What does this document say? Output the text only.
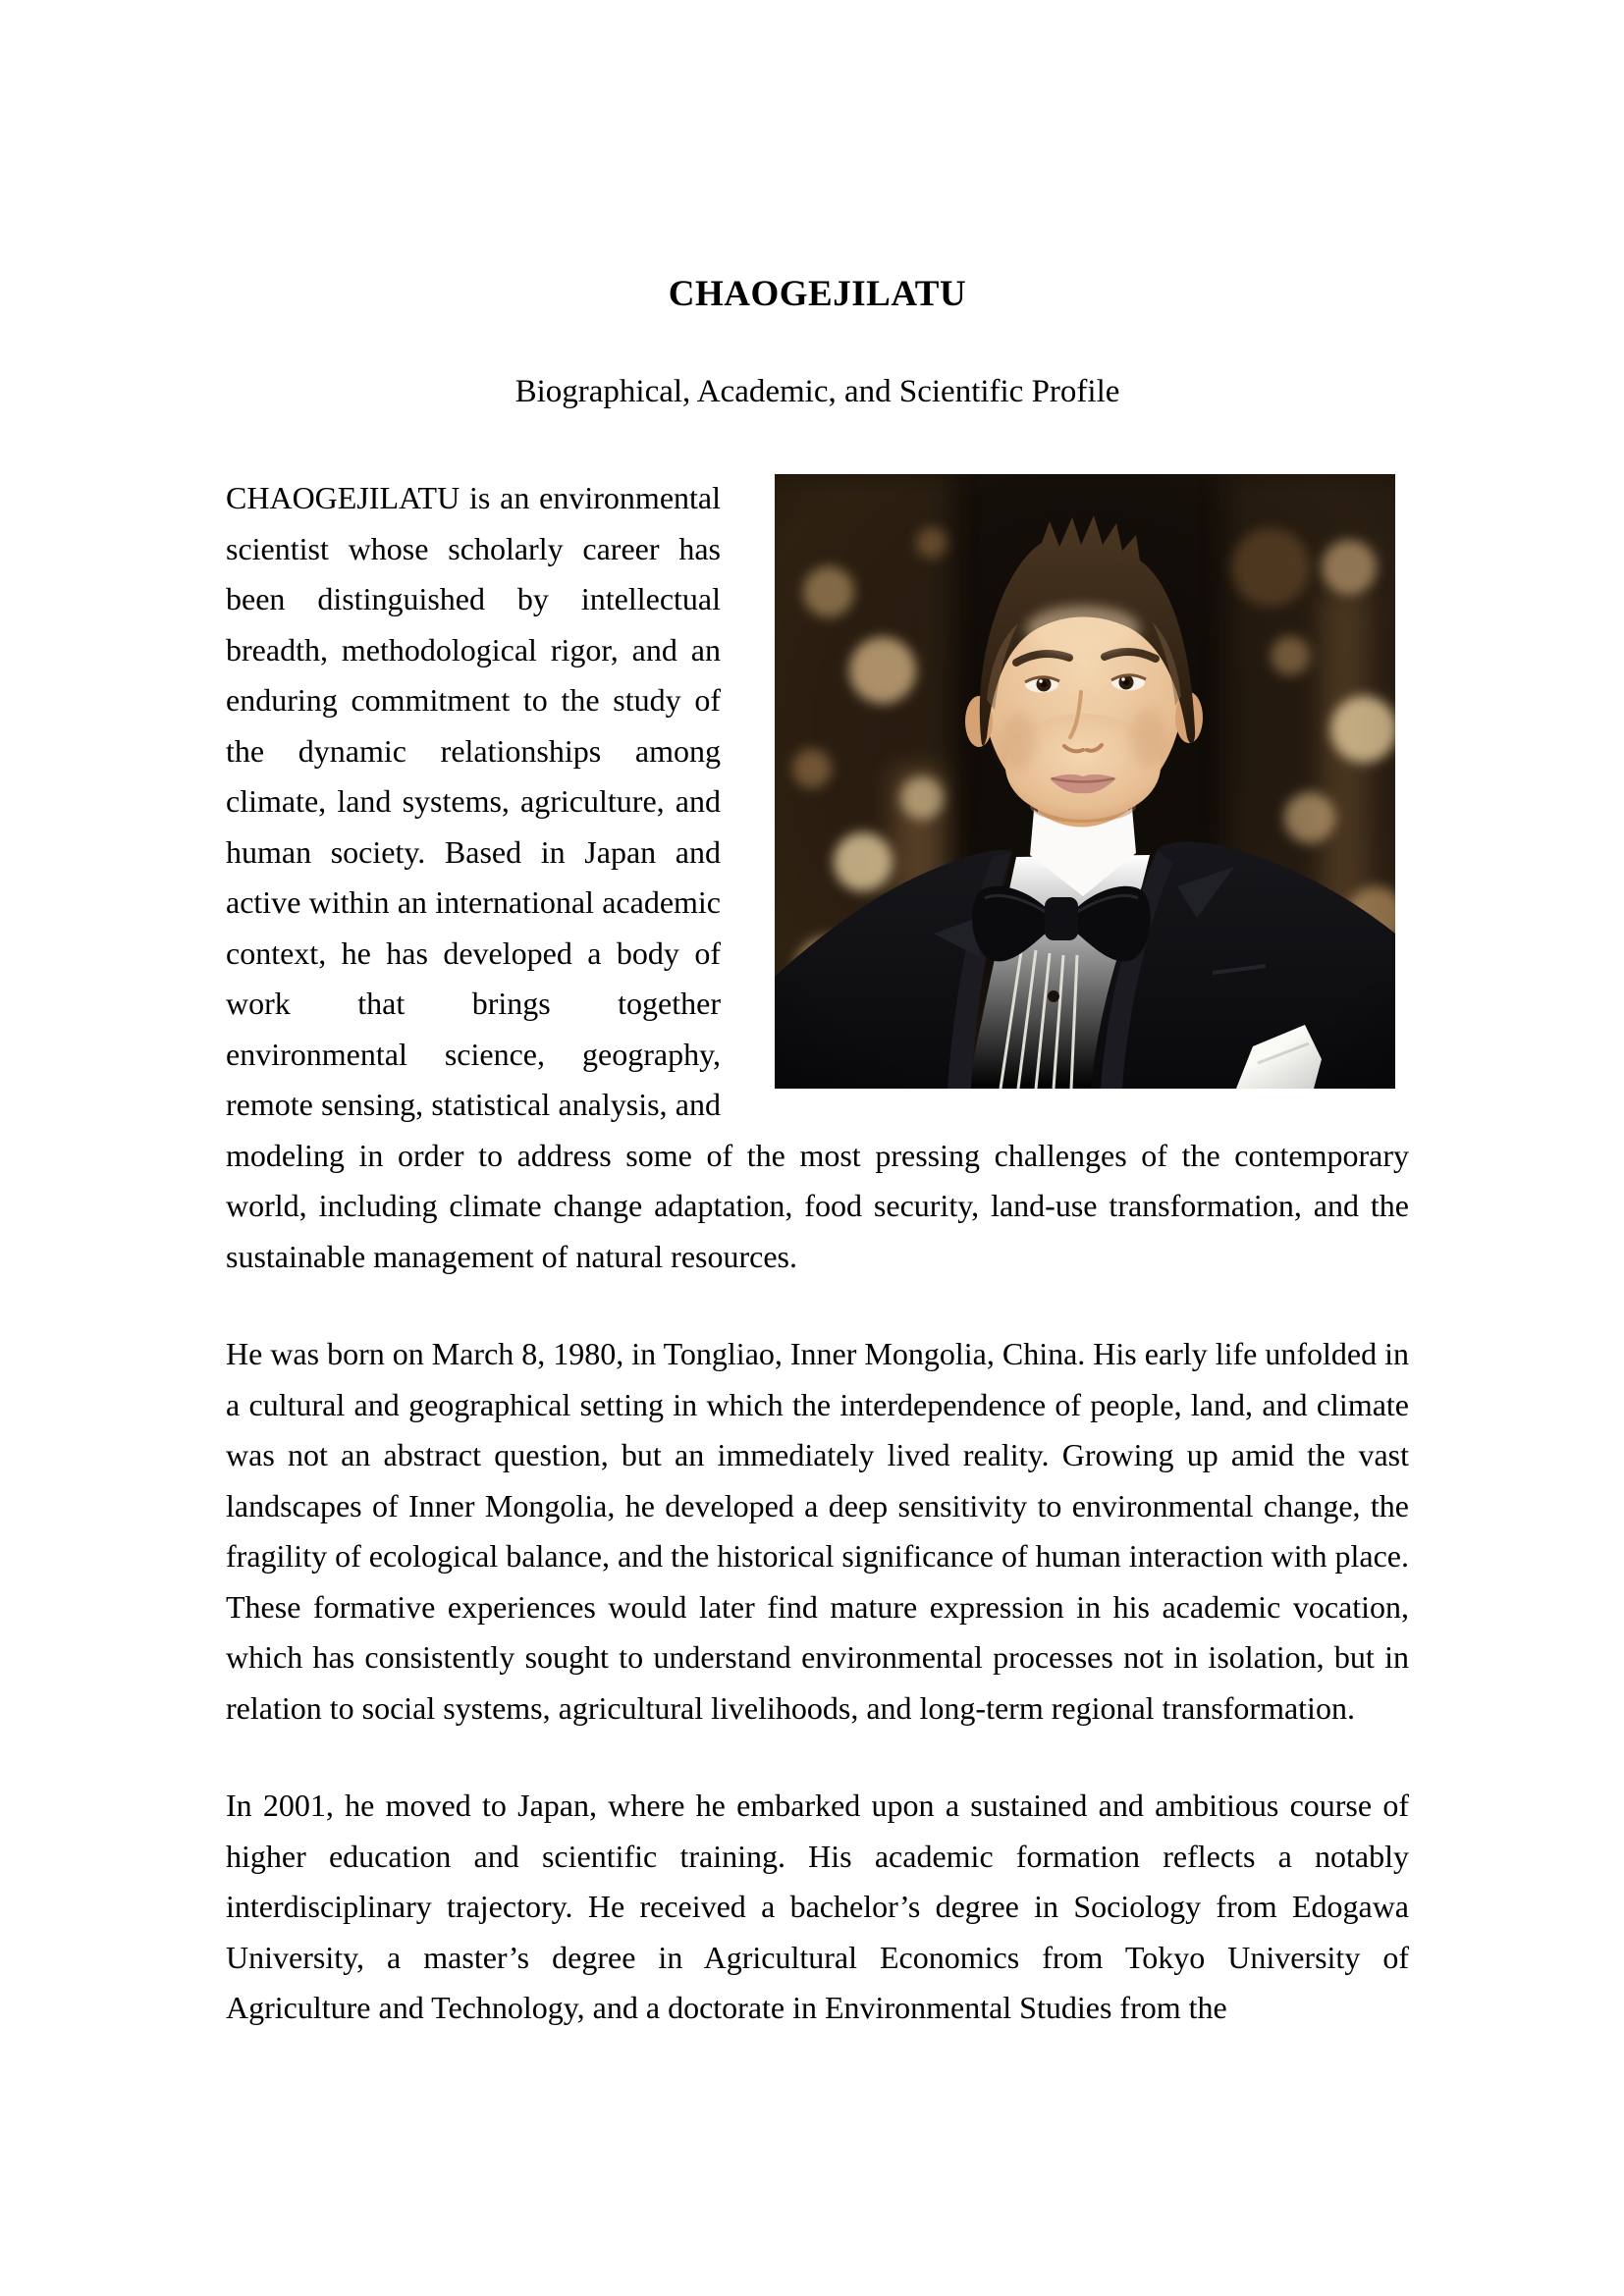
CHAOGEJILATU
Biographical, Academic, and Scientific Profile

CHAOGEJILATU is an environmental scientist whose scholarly career has been distinguished by intellectual breadth, methodological rigor, and an enduring commitment to the study of the dynamic relationships among climate, land systems, agriculture, and human society. Based in Japan and active within an international academic context, he has developed a body of work that brings together environmental science, geography, remote sensing, statistical analysis, and modeling in order to address some of the most pressing challenges of the contemporary world, including climate change adaptation, food security, land-use transformation, and the sustainable management of natural resources.

He was born on March 8, 1980, in Tongliao, Inner Mongolia, China. His early life unfolded in a cultural and geographical setting in which the interdependence of people, land, and climate was not an abstract question, but an immediately lived reality. Growing up amid the vast landscapes of Inner Mongolia, he developed a deep sensitivity to environmental change, the fragility of ecological balance, and the historical significance of human interaction with place. These formative experiences would later find mature expression in his academic vocation, which has consistently sought to understand environmental processes not in isolation, but in relation to social systems, agricultural livelihoods, and long-term regional transformation.

In 2001, he moved to Japan, where he embarked upon a sustained and ambitious course of higher education and scientific training. His academic formation reflects a notably interdisciplinary trajectory. He received a bachelor’s degree in Sociology from Edogawa University, a master’s degree in Agricultural Economics from Tokyo University of Agriculture and Technology, and a doctorate in Environmental Studies from the
